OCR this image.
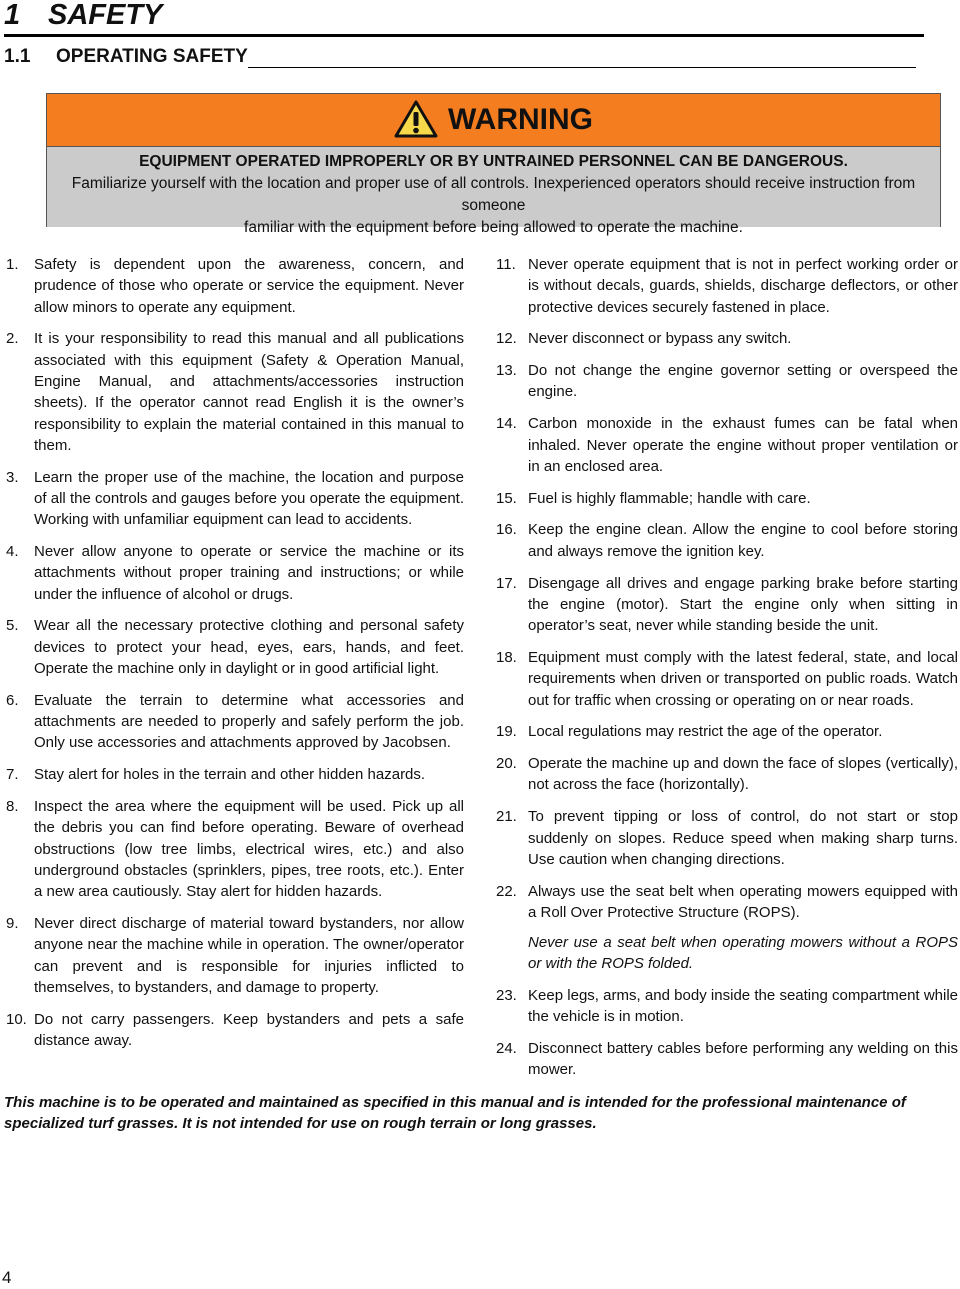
1 SAFETY
1.1 OPERATING SAFETY
WARNING
EQUIPMENT OPERATED IMPROPERLY OR BY UNTRAINED PERSONNEL CAN BE DANGEROUS.
Familiarize yourself with the location and proper use of all controls. Inexperienced operators should receive instruction from someone
familiar with the equipment before being allowed to operate the machine.
1.	Safety is dependent upon the awareness, concern, and prudence of those who operate or service the equipment. Never allow minors to operate any equipment.
2.	It is your responsibility to read this manual and all publications associated with this equipment (Safety & Operation Manual, Engine Manual, and attachments/accessories instruction sheets). If the operator cannot read English it is the owner’s responsibility to explain the material contained in this manual to them.
3.	Learn the proper use of the machine, the location and purpose of all the controls and gauges before you operate the equipment. Working with unfamiliar equipment can lead to accidents.
4.	Never allow anyone to operate or service the machine or its attachments without proper training and instructions; or while under the influence of alcohol or drugs.
5.	Wear all the necessary protective clothing and personal safety devices to protect your head, eyes, ears, hands, and feet. Operate the machine only in daylight or in good artificial light.
6.	Evaluate the terrain to determine what accessories and attachments are needed to properly and safely perform the job. Only use accessories and attachments approved by Jacobsen.
7.	Stay alert for holes in the terrain and other hidden hazards.
8.	Inspect the area where the equipment will be used. Pick up all the debris you can find before operating. Beware of overhead obstructions (low tree limbs, electrical wires, etc.) and also underground obstacles (sprinklers, pipes, tree roots, etc.). Enter a new area cautiously. Stay alert for hidden hazards.
9.	Never direct discharge of material toward bystanders, nor allow anyone near the machine while in operation. The owner/operator can prevent and is responsible for injuries inflicted to themselves, to bystanders, and damage to property.
10. Do not carry passengers. Keep bystanders and pets a safe distance away.
11. Never operate equipment that is not in perfect working order or is without decals, guards, shields, discharge deflectors, or other protective devices securely fastened in place.
12. Never disconnect or bypass any switch.
13. Do not change the engine governor setting or overspeed the engine.
14. Carbon monoxide in the exhaust fumes can be fatal when inhaled. Never operate the engine without proper ventilation or in an enclosed area.
15. Fuel is highly flammable; handle with care.
16. Keep the engine clean. Allow the engine to cool before storing and always remove the ignition key.
17. Disengage all drives and engage parking brake before starting the engine (motor). Start the engine only when sitting in operator’s seat, never while standing beside the unit.
18. Equipment must comply with the latest federal, state, and local requirements when driven or transported on public roads. Watch out for traffic when crossing or operating on or near roads.
19. Local regulations may restrict the age of the operator.
20. Operate the machine up and down the face of slopes (vertically), not across the face (horizontally).
21. To prevent tipping or loss of control, do not start or stop suddenly on slopes. Reduce speed when making sharp turns. Use caution when changing directions.
22. Always use the seat belt when operating mowers equipped with a Roll Over Protective Structure (ROPS).
Never use a seat belt when operating mowers without a ROPS or with the ROPS folded.
23. Keep legs, arms, and body inside the seating compartment while the vehicle is in motion.
24. Disconnect battery cables before performing any welding on this mower.
This machine is to be operated and maintained as specified in this manual and is intended for the professional maintenance of specialized turf grasses. It is not intended for use on rough terrain or long grasses.
4
